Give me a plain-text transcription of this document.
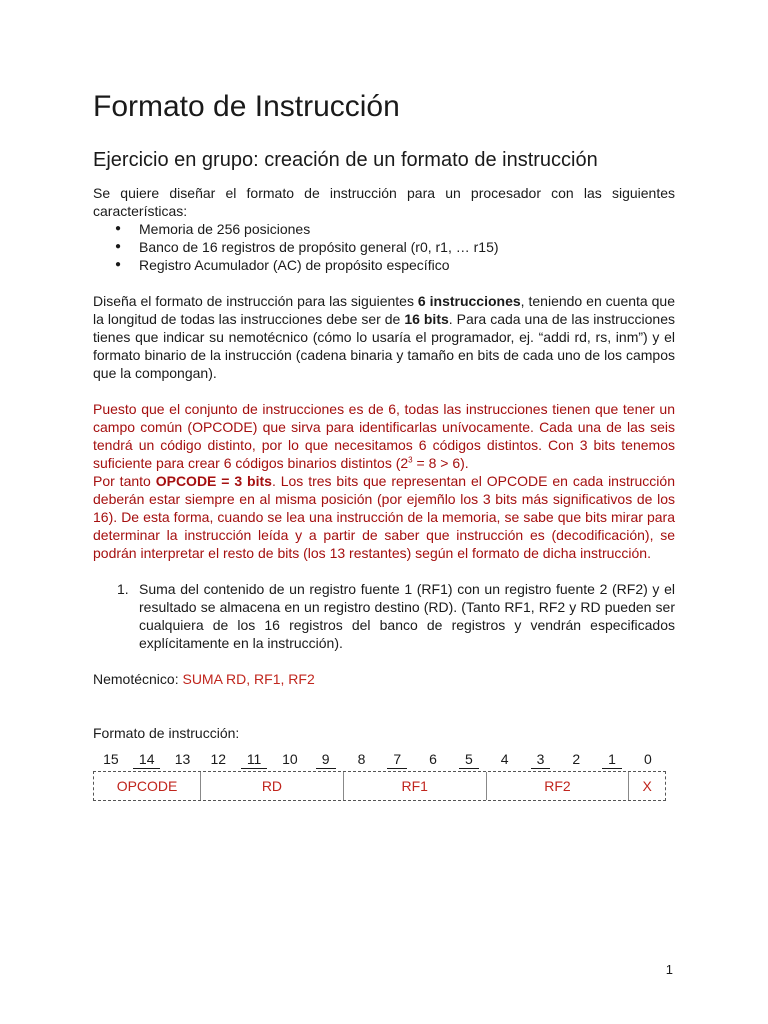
Formato de Instrucción
Ejercicio en grupo: creación de un formato de instrucción

Se quiere diseñar el formato de instrucción para un procesador con las siguientes características:

● Memoria de 256 posiciones
● Banco de 16 registros de propósito general (r0, r1, … r15)
● Registro Acumulador (AC) de propósito específico

Diseña el formato de instrucción para las siguientes 6 instrucciones, teniendo en cuenta que la longitud de todas las instrucciones debe ser de 16 bits. Para cada una de las instrucciones tienes que indicar su nemotécnico (cómo lo usaría el programador, ej. “addi rd, rs, inm”) y el formato binario de la instrucción (cadena binaria y tamaño en bits de cada uno de los campos que la compongan).

Puesto que el conjunto de instrucciones es de 6, todas las instrucciones tienen que tener un campo común (OPCODE) que sirva para identificarlas unívocamente. Cada una de las seis tendrá un código distinto, por lo que necesitamos 6 códigos distintos. Con 3 bits tenemos suficiente para crear 6 códigos binarios distintos $(2^3 = 8 > 6)$.

Por tanto OPCODE = 3 bits. Los tres bits que representan el OPCODE en cada instrucción deberán estar siempre en al misma posición (por ejemñlo los 3 bits más significativos de los 16). De esta forma, cuando se lea una instrucción de la memoria, se sabe que bits mirar para determinar la instrucción leída y a partir de saber que instrucción es (decodificación), se podrán interpretar el resto de bits (los 13 restantes) según el formato de dicha instrucción.

1. Suma del contenido de un registro fuente 1 (RF1) con un registro fuente 2 (RF2) y el resultado se almacena en un registro destino (RD). (Tanto RF1, RF2 y RD pueden ser cualquiera de los 16 registros del banco de registros y vendrán especificados explícitamente en la instrucción).

Nemotécnico: SUMA RD, RF1, RF2

Formato de instrucción:

15	14	13	12	11	10	9	8	7	6	5	4	3	2	1	0
OPCODE	RD	RF1	RF2	X
1
